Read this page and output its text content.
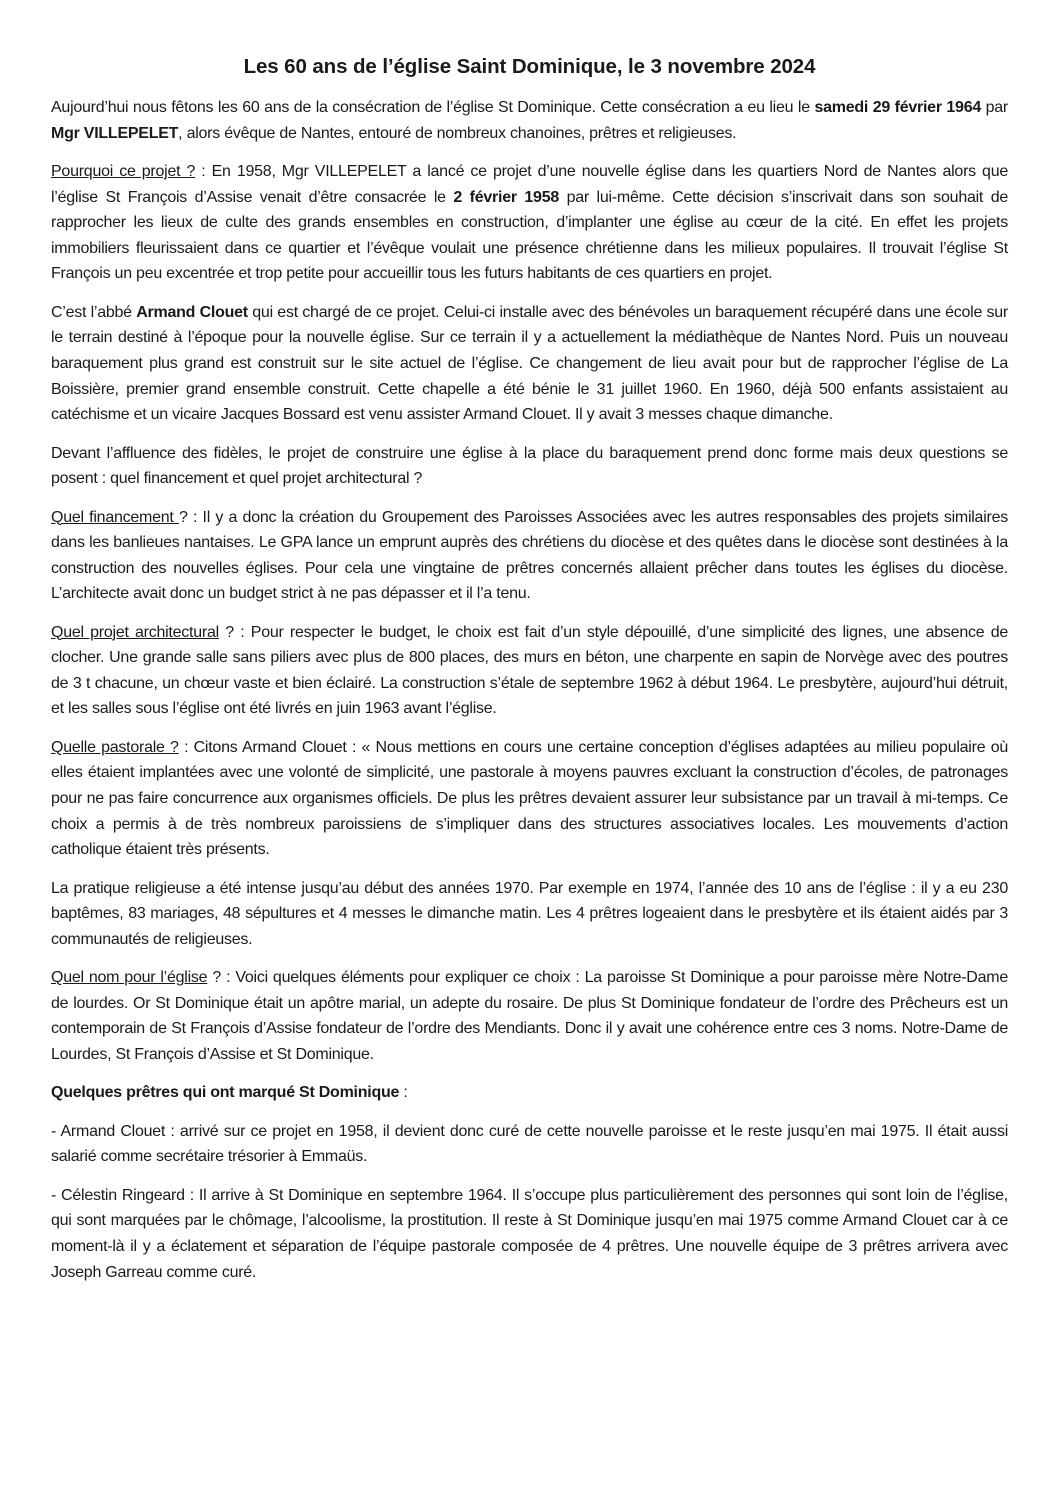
Les 60 ans de l’église Saint Dominique, le 3 novembre 2024

Aujourd’hui nous fêtons les 60 ans de la consécration de l’église St Dominique. Cette consécration a eu lieu le samedi 29 février 1964 par Mgr VILLEPELET, alors évêque de Nantes, entouré de nombreux chanoines, prêtres et religieuses.

Pourquoi ce projet ? : En 1958, Mgr VILLEPELET a lancé ce projet d’une nouvelle église dans les quartiers Nord de Nantes alors que l’église St François d’Assise venait d’être consacrée le 2 février 1958 par lui-même. Cette décision s’inscrivait dans son souhait de rapprocher les lieux de culte des grands ensembles en construction, d’implanter une église au cœur de la cité. En effet les projets immobiliers fleurissaient dans ce quartier et l’évêque voulait une présence chrétienne dans les milieux populaires. Il trouvait l’église St François un peu excentrée et trop petite pour accueillir tous les futurs habitants de ces quartiers en projet.

C’est l’abbé Armand Clouet qui est chargé de ce projet. Celui-ci installe avec des bénévoles un baraquement récupéré dans une école sur le terrain destiné à l’époque pour la nouvelle église. Sur ce terrain il y a actuellement la médiathèque de Nantes Nord. Puis un nouveau baraquement plus grand est construit sur le site actuel de l’église. Ce changement de lieu avait pour but de rapprocher l’église de La Boissière, premier grand ensemble construit. Cette chapelle a été bénie le 31 juillet 1960. En 1960, déjà 500 enfants assistaient au catéchisme et un vicaire Jacques Bossard est venu assister Armand Clouet. Il y avait 3 messes chaque dimanche.

Devant l’affluence des fidèles, le projet de construire une église à la place du baraquement prend donc forme mais deux questions se posent : quel financement et quel projet architectural ?

Quel financement ? : Il y a donc la création du Groupement des Paroisses Associées avec les autres responsables des projets similaires dans les banlieues nantaises. Le GPA lance un emprunt auprès des chrétiens du diocèse et des quêtes dans le diocèse sont destinées à la construction des nouvelles églises. Pour cela une vingtaine de prêtres concernés allaient prêcher dans toutes les églises du diocèse. L’architecte avait donc un budget strict à ne pas dépasser et il l’a tenu.

Quel projet architectural ? : Pour respecter le budget, le choix est fait d’un style dépouillé, d’une simplicité des lignes, une absence de clocher. Une grande salle sans piliers avec plus de 800 places, des murs en béton, une charpente en sapin de Norvège avec des poutres de 3 t chacune, un chœur vaste et bien éclairé. La construction s’étale de septembre 1962 à début 1964. Le presbytère, aujourd’hui détruit, et les salles sous l’église ont été livrés en juin 1963 avant l’église.

Quelle pastorale ? : Citons Armand Clouet : « Nous mettions en cours une certaine conception d’églises adaptées au milieu populaire où elles étaient implantées avec une volonté de simplicité, une pastorale à moyens pauvres excluant la construction d’écoles, de patronages pour ne pas faire concurrence aux organismes officiels. De plus les prêtres devaient assurer leur subsistance par un travail à mi-temps. Ce choix a permis à de très nombreux paroissiens de s’impliquer dans des structures associatives locales. Les mouvements d’action catholique étaient très présents.

La pratique religieuse a été intense jusqu’au début des années 1970. Par exemple en 1974, l’année des 10 ans de l’église : il y a eu 230 baptêmes, 83 mariages, 48 sépultures et 4 messes le dimanche matin. Les 4 prêtres logeaient dans le presbytère et ils étaient aidés par 3 communautés de religieuses.

Quel nom pour l’église ? : Voici quelques éléments pour expliquer ce choix : La paroisse St Dominique a pour paroisse mère Notre-Dame de lourdes. Or St Dominique était un apôtre marial, un adepte du rosaire. De plus St Dominique fondateur de l’ordre des Prêcheurs est un contemporain de St François d’Assise fondateur de l’ordre des Mendiants. Donc il y avait une cohérence entre ces 3 noms. Notre-Dame de Lourdes, St François d’Assise et St Dominique.

Quelques prêtres qui ont marqué St Dominique :

- Armand Clouet : arrivé sur ce projet en 1958, il devient donc curé de cette nouvelle paroisse et le reste jusqu’en mai 1975. Il était aussi salarié comme secrétaire trésorier à Emmaüs.

- Célestin Ringeard : Il arrive à St Dominique en septembre 1964. Il s’occupe plus particulièrement des personnes qui sont loin de l’église, qui sont marquées par le chômage, l’alcoolisme, la prostitution. Il reste à St Dominique jusqu’en mai 1975 comme Armand Clouet car à ce moment-là il y a éclatement et séparation de l’équipe pastorale composée de 4 prêtres. Une nouvelle équipe de 3 prêtres arrivera avec Joseph Garreau comme curé.
